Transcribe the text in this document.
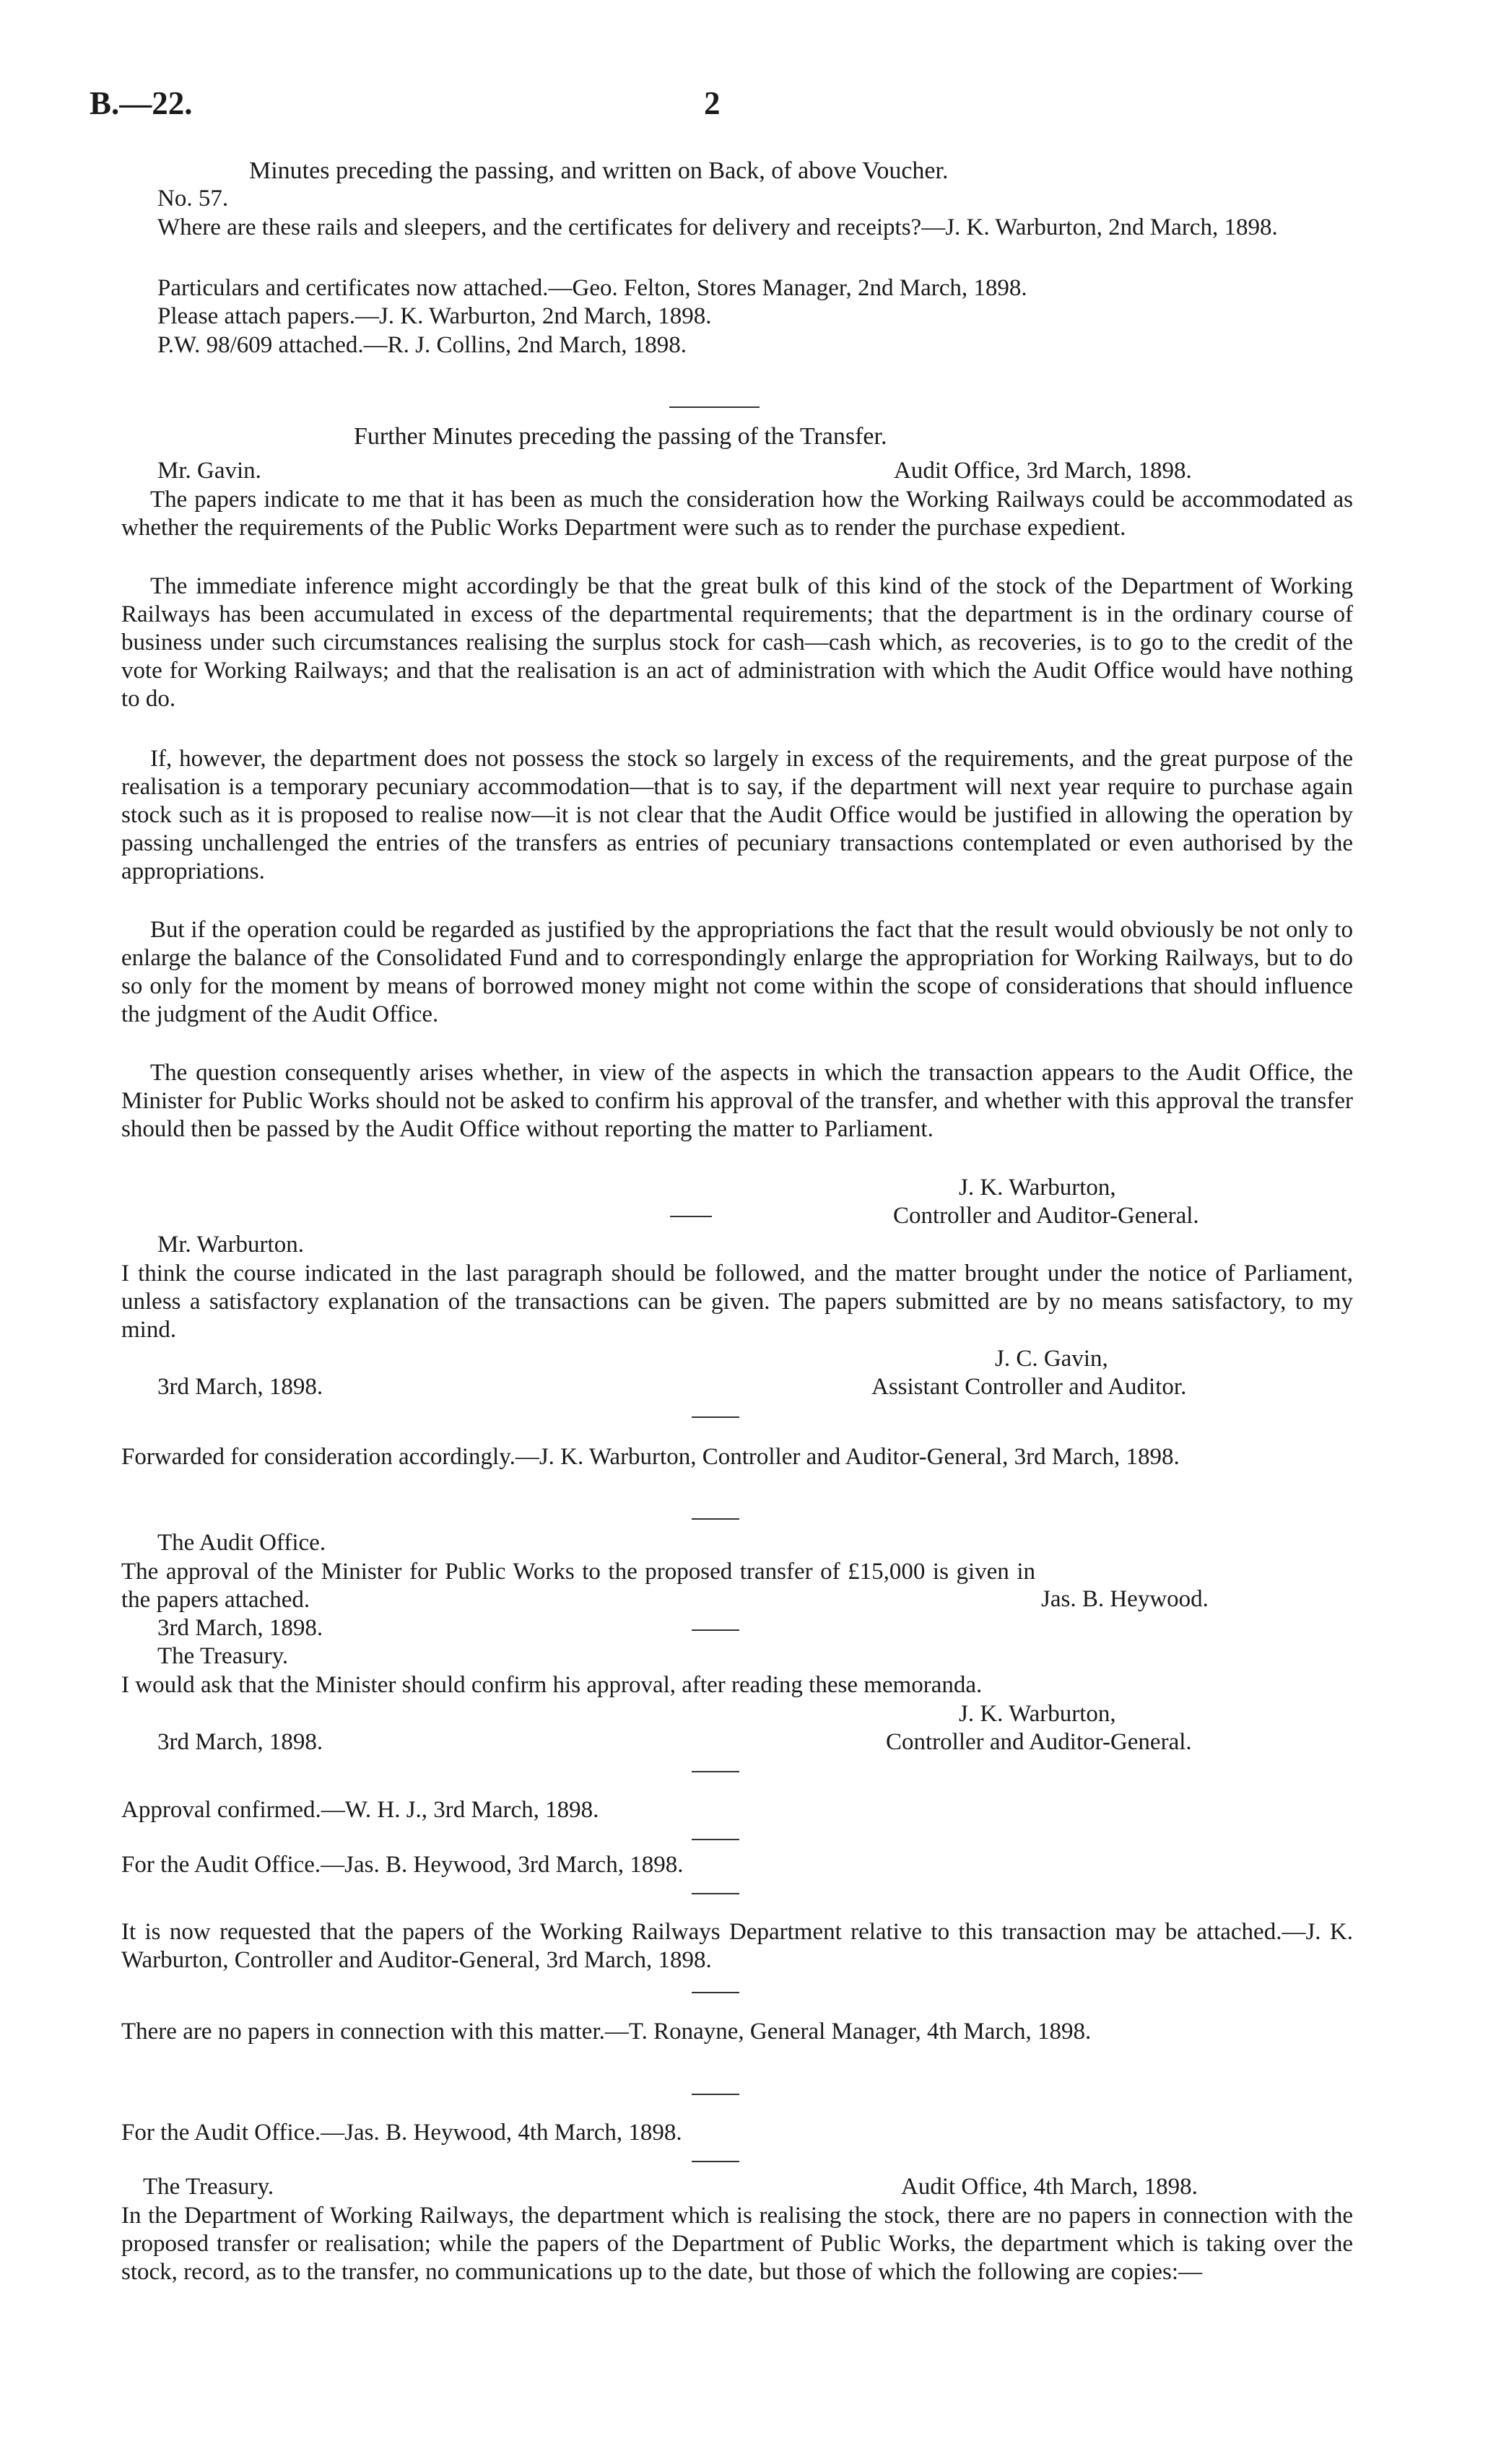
B.—22.	2
Minutes preceding the passing, and written on Back, of above Voucher.
No. 57.
Where are these rails and sleepers, and the certificates for delivery and receipts?—J. K. Warburton, 2nd March, 1898.
Particulars and certificates now attached.—Geo. Felton, Stores Manager, 2nd March, 1898.
Please attach papers.—J. K. Warburton, 2nd March, 1898.
P.W. 98/609 attached.—R. J. Collins, 2nd March, 1898.
Further Minutes preceding the passing of the Transfer.
Mr. Gavin.	Audit Office, 3rd March, 1898.
The papers indicate to me that it has been as much the consideration how the Working Railways could be accommodated as whether the requirements of the Public Works Department were such as to render the purchase expedient.
The immediate inference might accordingly be that the great bulk of this kind of the stock of the Department of Working Railways has been accumulated in excess of the departmental requirements; that the department is in the ordinary course of business under such circumstances realising the surplus stock for cash—cash which, as recoveries, is to go to the credit of the vote for Working Railways; and that the realisation is an act of administration with which the Audit Office would have nothing to do.
If, however, the department does not possess the stock so largely in excess of the requirements, and the great purpose of the realisation is a temporary pecuniary accommodation—that is to say, if the department will next year require to purchase again stock such as it is proposed to realise now—it is not clear that the Audit Office would be justified in allowing the operation by passing unchallenged the entries of the transfers as entries of pecuniary transactions contemplated or even authorised by the appropriations.
But if the operation could be regarded as justified by the appropriations the fact that the result would obviously be not only to enlarge the balance of the Consolidated Fund and to correspondingly enlarge the appropriation for Working Railways, but to do so only for the moment by means of borrowed money might not come within the scope of considerations that should influence the judgment of the Audit Office.
The question consequently arises whether, in view of the aspects in which the transaction appears to the Audit Office, the Minister for Public Works should not be asked to confirm his approval of the transfer, and whether with this approval the transfer should then be passed by the Audit Office without reporting the matter to Parliament.
J. K. Warburton,
Controller and Auditor-General.
Mr. Warburton.
I think the course indicated in the last paragraph should be followed, and the matter brought under the notice of Parliament, unless a satisfactory explanation of the transactions can be given. The papers submitted are by no means satisfactory, to my mind.
J. C. Gavin,
3rd March, 1898.	Assistant Controller and Auditor.
Forwarded for consideration accordingly.—J. K. Warburton, Controller and Auditor-General, 3rd March, 1898.
The Audit Office.
The approval of the Minister for Public Works to the proposed transfer of £15,000 is given in the papers attached.	Jas. B. Heywood.
3rd March, 1898.
The Treasury.
I would ask that the Minister should confirm his approval, after reading these memoranda.
J. K. Warburton,
3rd March, 1898.	Controller and Auditor-General.
Approval confirmed.—W. H. J., 3rd March, 1898.
For the Audit Office.—Jas. B. Heywood, 3rd March, 1898.
It is now requested that the papers of the Working Railways Department relative to this transaction may be attached.—J. K. Warburton, Controller and Auditor-General, 3rd March, 1898.
There are no papers in connection with this matter.—T. Ronayne, General Manager, 4th March, 1898.
For the Audit Office.—Jas. B. Heywood, 4th March, 1898.
The Treasury.	Audit Office, 4th March, 1898.
In the Department of Working Railways, the department which is realising the stock, there are no papers in connection with the proposed transfer or realisation; while the papers of the Department of Public Works, the department which is taking over the stock, record, as to the transfer, no communications up to the date, but those of which the following are copies:—
